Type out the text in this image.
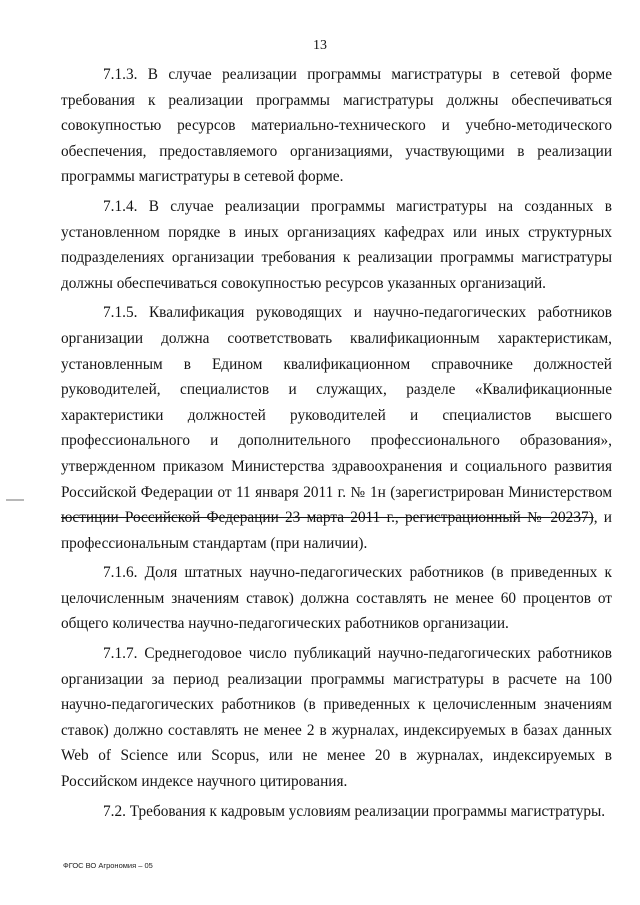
13

7.1.3. В случае реализации программы магистратуры в сетевой форме требования к реализации программы магистратуры должны обеспечиваться совокупностью ресурсов материально-технического и учебно-методического обеспечения, предоставляемого организациями, участвующими в реализации программы магистратуры в сетевой форме.

7.1.4. В случае реализации программы магистратуры на созданных в установленном порядке в иных организациях кафедрах или иных структурных подразделениях организации требования к реализации программы магистратуры должны обеспечиваться совокупностью ресурсов указанных организаций.

7.1.5. Квалификация руководящих и научно-педагогических работников организации должна соответствовать квалификационным характеристикам, установленным в Едином квалификационном справочнике должностей руководителей, специалистов и служащих, разделе «Квалификационные характеристики должностей руководителей и специалистов высшего профессионального и дополнительного профессионального образования», утвержденном приказом Министерства здравоохранения и социального развития Российской Федерации от 11 января 2011 г. № 1н (зарегистрирован Министерством юстиции Российской Федерации 23 марта 2011 г., регистрационный № 20237), и профессиональным стандартам (при наличии).

7.1.6. Доля штатных научно-педагогических работников (в приведенных к целочисленным значениям ставок) должна составлять не менее 60 процентов от общего количества научно-педагогических работников организации.

7.1.7. Среднегодовое число публикаций научно-педагогических работников организации за период реализации программы магистратуры в расчете на 100 научно-педагогических работников (в приведенных к целочисленным значениям ставок) должно составлять не менее 2 в журналах, индексируемых в базах данных Web of Science или Scopus, или не менее 20 в журналах, индексируемых в Российском индексе научного цитирования.

7.2. Требования к кадровым условиям реализации программы магистратуры.

ФГОС ВО Агрономия – 05
